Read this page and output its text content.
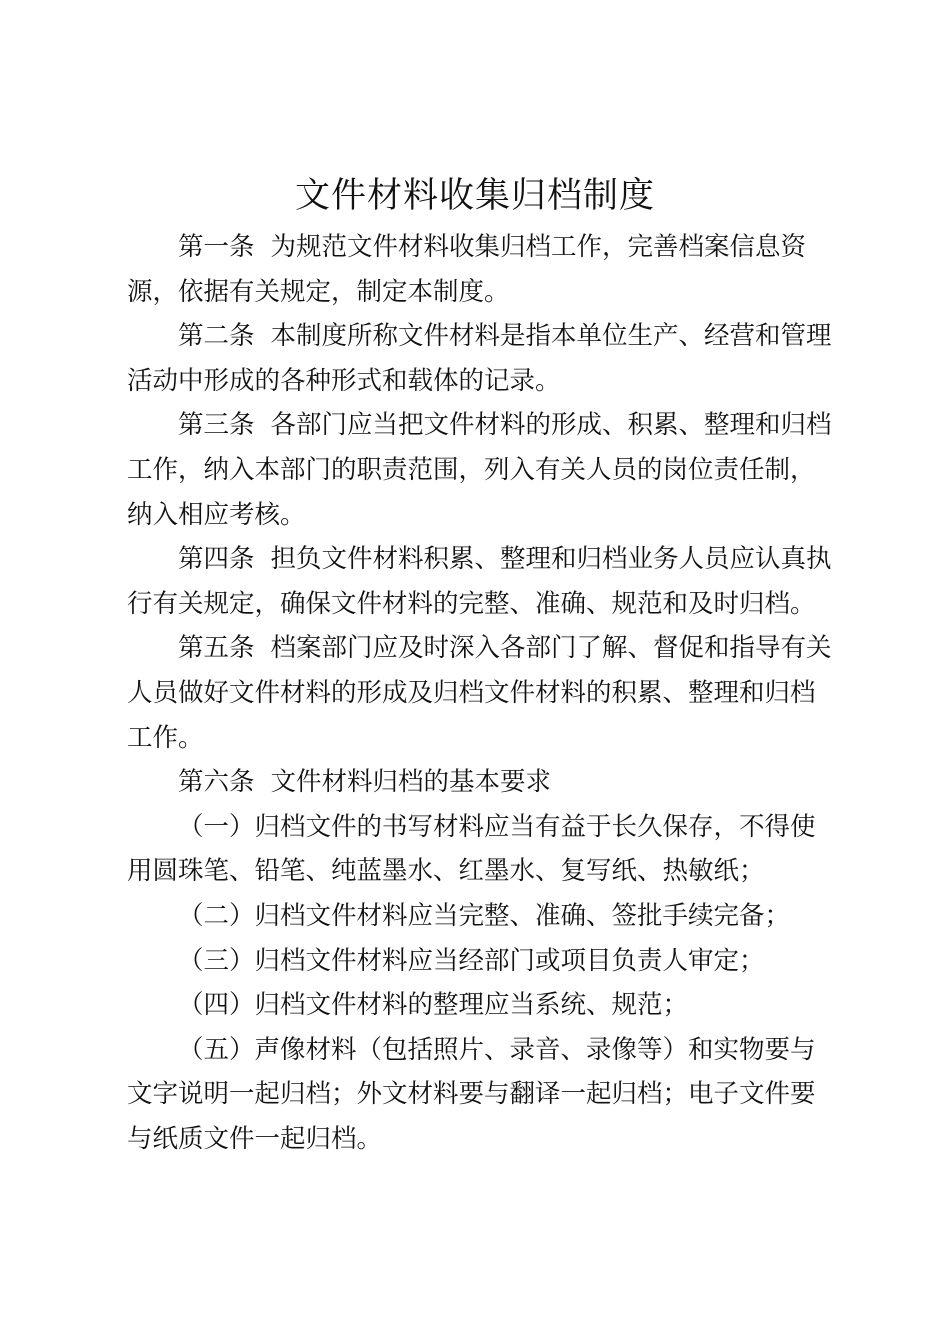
文件材料收集归档制度

第一条 为规范文件材料收集归档工作，完善档案信息资源，依据有关规定，制定本制度。

第二条 本制度所称文件材料是指本单位生产、经营和管理活动中形成的各种形式和载体的记录。

第三条 各部门应当把文件材料的形成、积累、整理和归档工作，纳入本部门的职责范围，列入有关人员的岗位责任制，纳入相应考核。

第四条 担负文件材料积累、整理和归档业务人员应认真执行有关规定，确保文件材料的完整、准确、规范和及时归档。

第五条 档案部门应及时深入各部门了解、督促和指导有关人员做好文件材料的形成及归档文件材料的积累、整理和归档工作。

第六条 文件材料归档的基本要求

（一）归档文件的书写材料应当有益于长久保存，不得使用圆珠笔、铅笔、纯蓝墨水、红墨水、复写纸、热敏纸；

（二）归档文件材料应当完整、准确、签批手续完备；

（三）归档文件材料应当经部门或项目负责人审定；

（四）归档文件材料的整理应当系统、规范；

（五）声像材料（包括照片、录音、录像等）和实物要与文字说明一起归档；外文材料要与翻译一起归档；电子文件要与纸质文件一起归档。
